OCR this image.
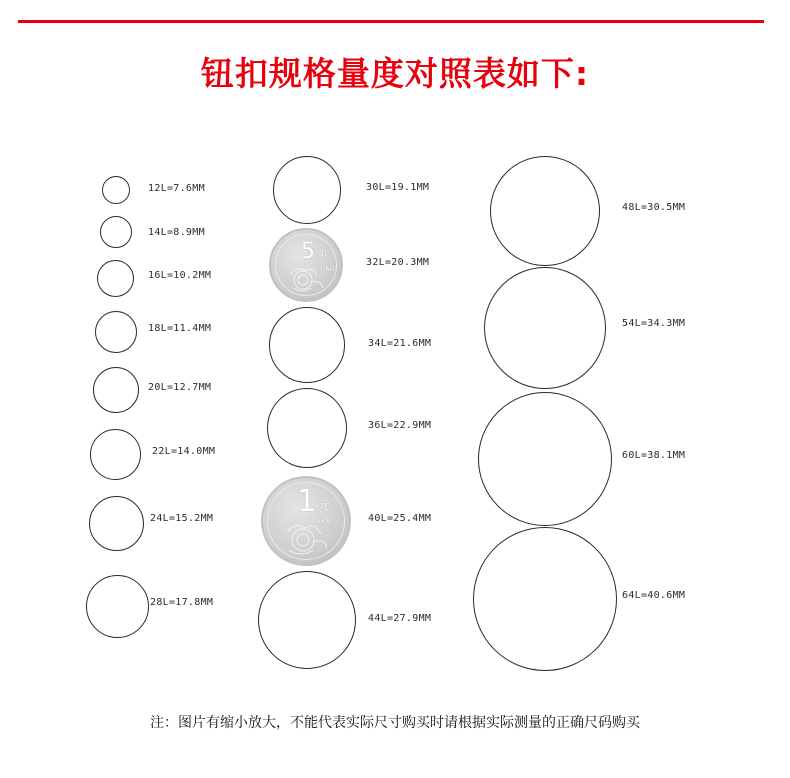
钮扣规格量度对照表如下:
12L=7.6MM
14L=8.9MM
16L=10.2MM
18L=11.4MM
20L=12.7MM
22L=14.0MM
24L=15.2MM
28L=17.8MM
30L=19.1MM
5 角
WU JIAO
32L=20.3MM
34L=21.6MM
36L=22.9MM
1 元
YI YUAN	40L=25.4MM
44L=27.9MM
48L=30.5MM
54L=34.3MM
60L=38.1MM
64L=40.6MM
注：图片有缩小放大，不能代表实际尺寸购买时请根据实际测量的正确尺码购买
